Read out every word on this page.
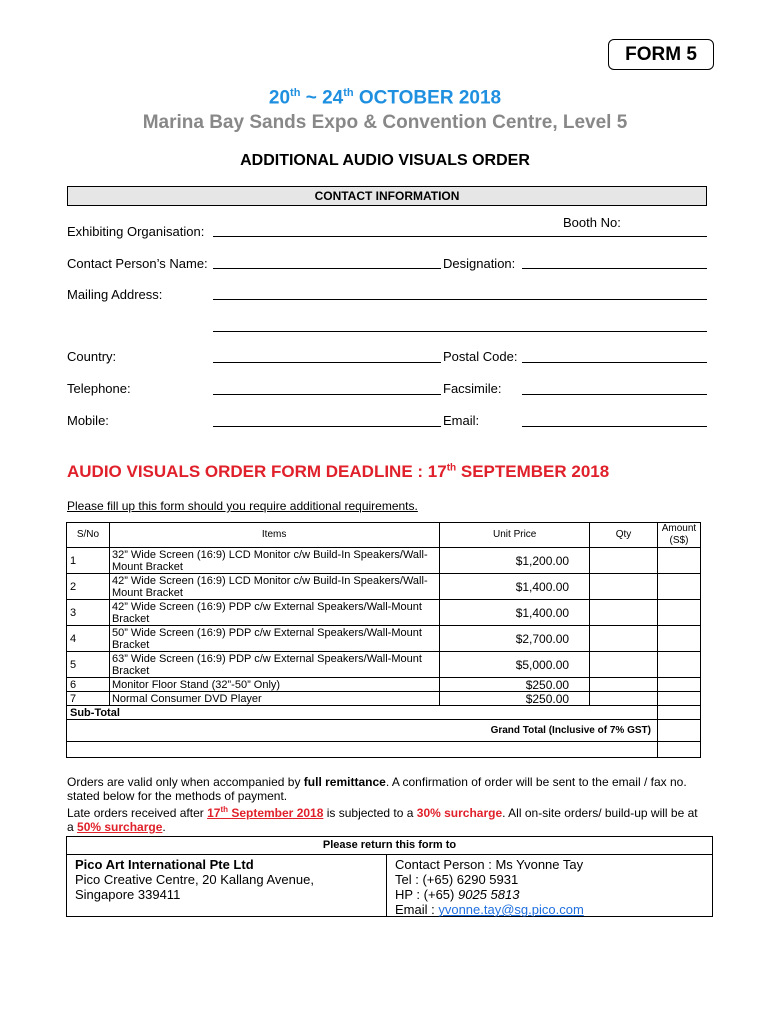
FORM 5
20th ~ 24th OCTOBER 2018
Marina Bay Sands Expo & Convention Centre, Level 5
ADDITIONAL AUDIO VISUALS ORDER
CONTACT INFORMATION
Booth No:
Exhibiting Organisation:
Contact Person’s Name:	Designation:
Mailing Address:
Country:	Postal Code:
Telephone:	Facsimile:
Mobile:	Email:
AUDIO VISUALS ORDER FORM DEADLINE : 17th SEPTEMBER 2018
Please fill up this form should you require additional requirements.
S/No	Items	Unit Price	Qty	Amount (S$)
1	32” Wide Screen (16:9) LCD Monitor c/w Build-In Speakers/Wall-Mount Bracket	$1,200.00		
2	42” Wide Screen (16:9) LCD Monitor c/w Build-In Speakers/Wall-Mount Bracket	$1,400.00		
3	42” Wide Screen (16:9) PDP c/w External Speakers/Wall-Mount Bracket	$1,400.00		
4	50” Wide Screen (16:9) PDP c/w External Speakers/Wall-Mount Bracket	$2,700.00		
5	63” Wide Screen (16:9) PDP c/w External Speakers/Wall-Mount Bracket	$5,000.00		
6	Monitor Floor Stand (32”-50” Only)	$250.00		
7	Normal Consumer DVD Player	$250.00		
Sub-Total				
Grand Total (Inclusive of 7% GST)				

Orders are valid only when accompanied by full remittance. A confirmation of order will be sent to the email / fax no. stated below for the methods of payment.
Late orders received after 17th September 2018 is subjected to a 30% surcharge. All on-site orders/ build-up will be at a 50% surcharge.
Please return this form to
Pico Art International Pte Ltd
Pico Creative Centre, 20 Kallang Avenue,
Singapore 339411
Contact Person : Ms Yvonne Tay
Tel : (+65) 6290 5931
HP : (+65) 9025 5813
Email : yvonne.tay@sg.pico.com
